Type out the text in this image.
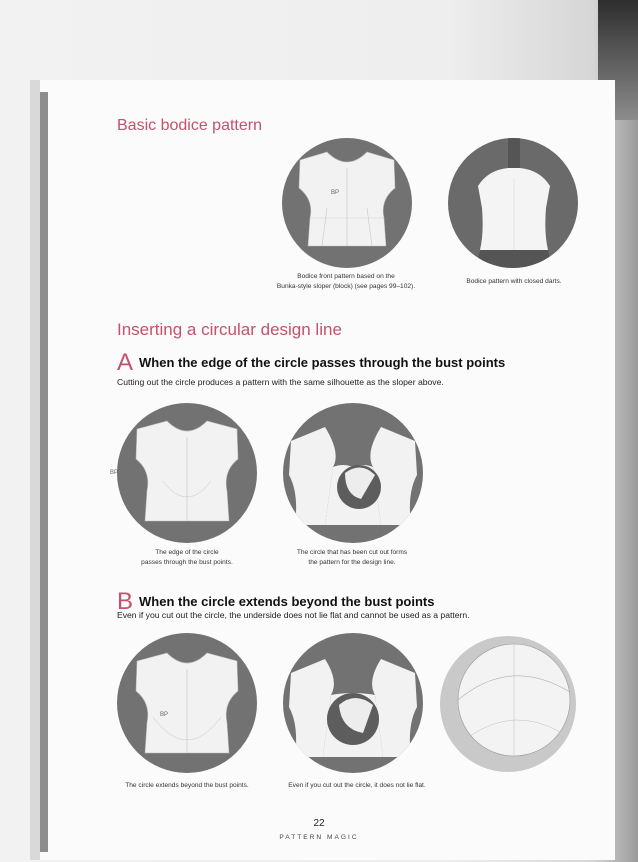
Basic bodice pattern
BP
Bodice front pattern based on the
Bunka-style sloper (block) (see pages 99–102).
Bodice pattern with closed darts.
Inserting a circular design line
A When the edge of the circle passes through the bust points
Cutting out the circle produces a pattern with the same silhouette as the sloper above.
BP
The edge of the circle
passes through the bust points.
The circle that has been cut out forms
the pattern for the design line.
B When the circle extends beyond the bust points
Even if you cut out the circle, the underside does not lie flat and cannot be used as a pattern.
BP
The circle extends beyond the bust points.	Even if you cut out the circle, it does not lie flat.
22
PATTERN MAGIC
